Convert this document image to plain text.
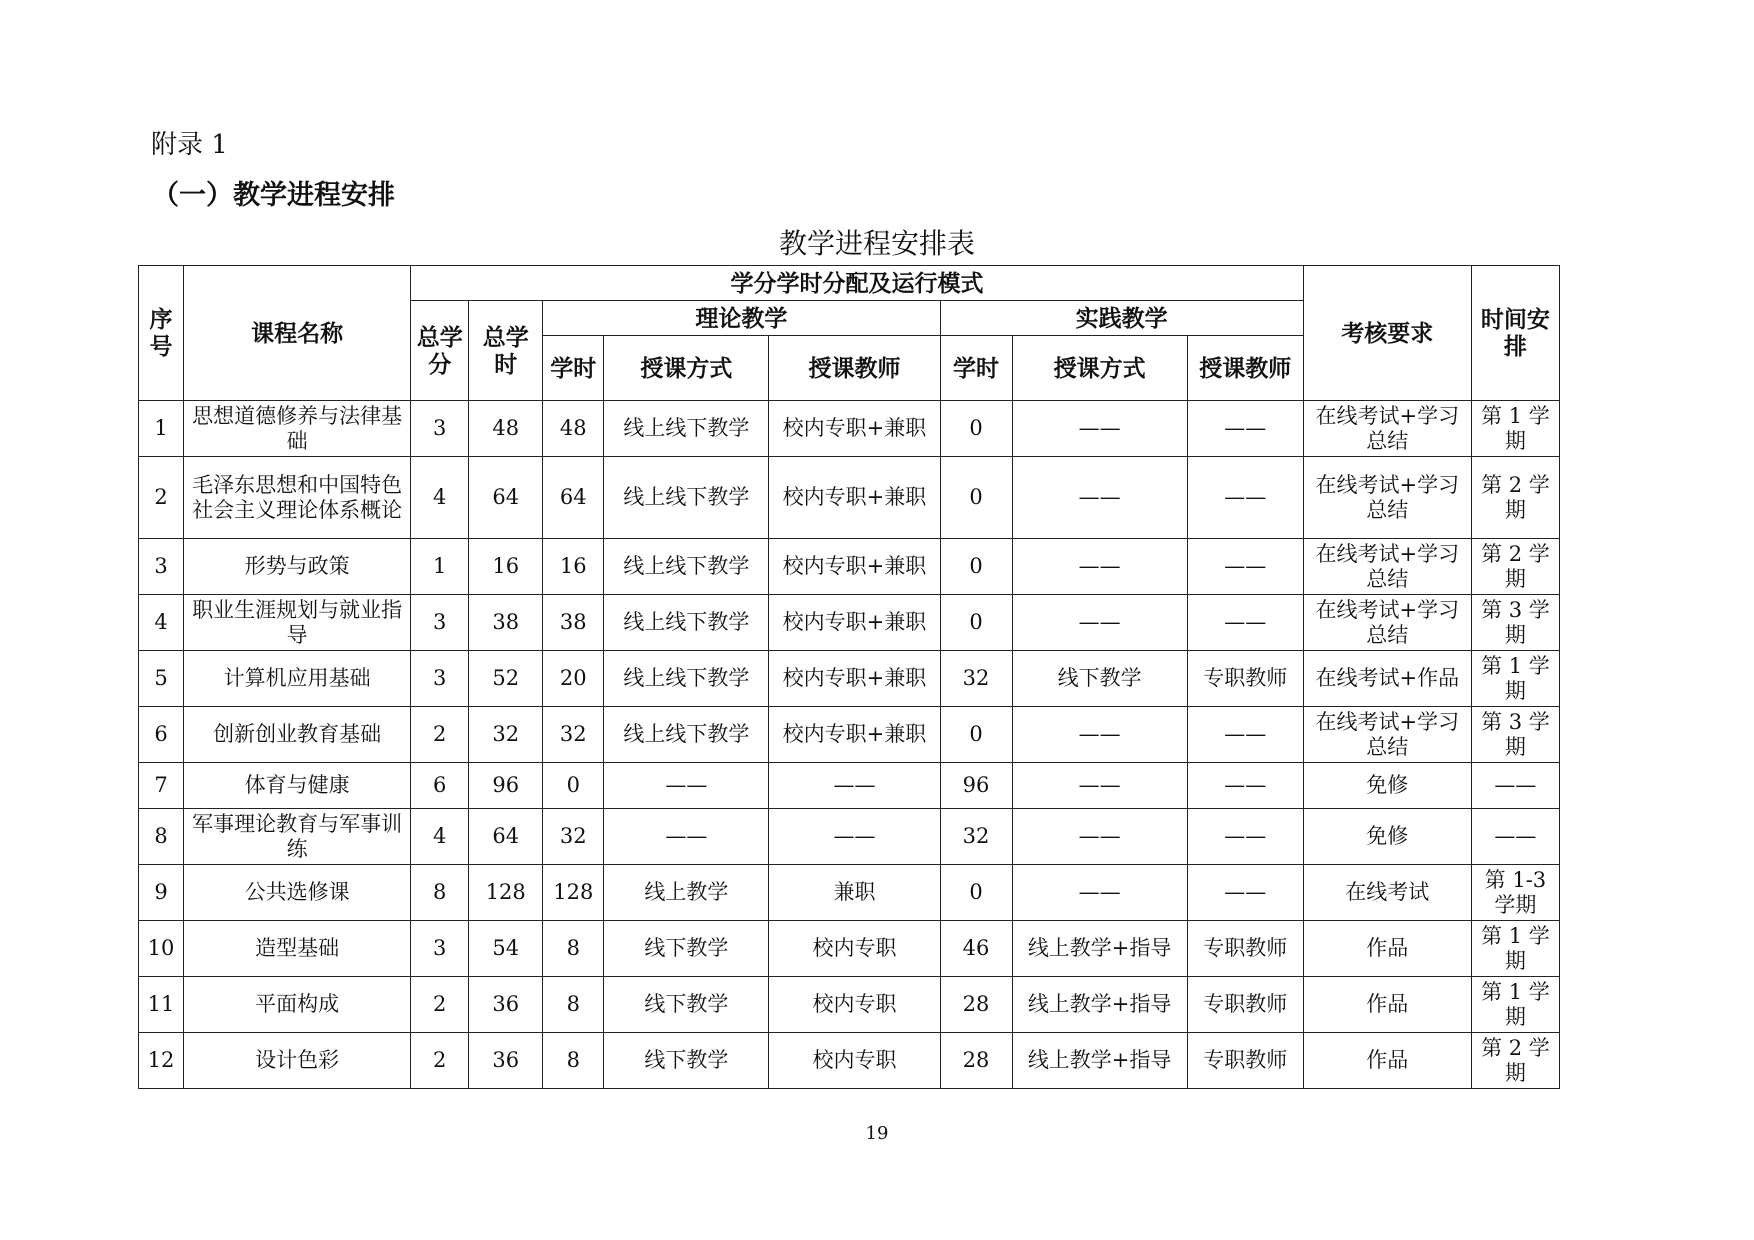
附录 1
（一）教学进程安排
教学进程安排表
序号	课程名称	学分学时分配及运行模式								考核要求	时间安排
		总学分	总学时	理论教学			实践教学				
				学时	授课方式	授课教师	学时	授课方式	授课教师		
1	思想道德修养与法律基础	3	48	48	线上线下教学	校内专职+兼职	0	——	——	在线考试+学习总结	第 1 学期
2	毛泽东思想和中国特色社会主义理论体系概论	4	64	64	线上线下教学	校内专职+兼职	0	——	——	在线考试+学习总结	第 2 学期
3	形势与政策	1	16	16	线上线下教学	校内专职+兼职	0	——	——	在线考试+学习总结	第 2 学期
4	职业生涯规划与就业指导	3	38	38	线上线下教学	校内专职+兼职	0	——	——	在线考试+学习总结	第 3 学期
5	计算机应用基础	3	52	20	线上线下教学	校内专职+兼职	32	线下教学	专职教师	在线考试+作品	第 1 学期
6	创新创业教育基础	2	32	32	线上线下教学	校内专职+兼职	0	——	——	在线考试+学习总结	第 3 学期
7	体育与健康	6	96	0	——	——	96	——	——	免修	——
8	军事理论教育与军事训练	4	64	32	——	——	32	——	——	免修	——
9	公共选修课	8	128	128	线上教学	兼职	0	——	——	在线考试	第 1-3 学期
10	造型基础	3	54	8	线下教学	校内专职	46	线上教学+指导	专职教师	作品	第 1 学期
11	平面构成	2	36	8	线下教学	校内专职	28	线上教学+指导	专职教师	作品	第 1 学期
12	设计色彩	2	36	8	线下教学	校内专职	28	线上教学+指导	专职教师	作品	第 2 学期
19
